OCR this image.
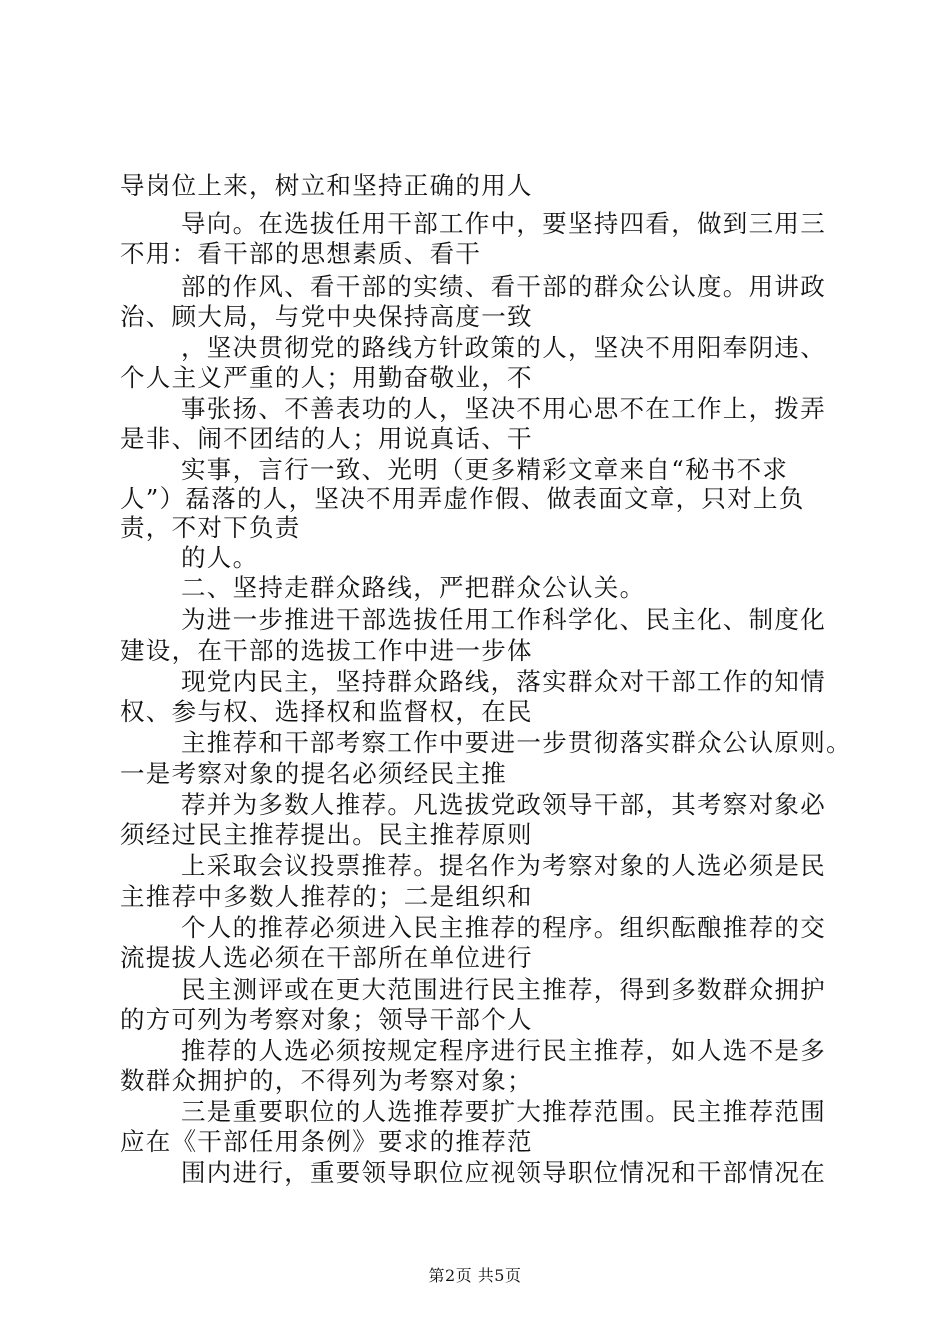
导岗位上来，树立和坚持正确的用人
导向。在选拔任用干部工作中，要坚持四看，做到三用三
不用：看干部的思想素质、看干
部的作风、看干部的实绩、看干部的群众公认度。用讲政
治、顾大局，与党中央保持高度一致
，坚决贯彻党的路线方针政策的人，坚决不用阳奉阴违、
个人主义严重的人；用勤奋敬业，不
事张扬、不善表功的人，坚决不用心思不在工作上，拨弄
是非、闹不团结的人；用说真话、干
实事，言行一致、光明（更多精彩文章来自“秘书不求
人”）磊落的人，坚决不用弄虚作假、做表面文章，只对上负
责，不对下负责
的人。
二、坚持走群众路线，严把群众公认关。
为进一步推进干部选拔任用工作科学化、民主化、制度化
建设，在干部的选拔工作中进一步体
现党内民主，坚持群众路线，落实群众对干部工作的知情
权、参与权、选择权和监督权，在民
主推荐和干部考察工作中要进一步贯彻落实群众公认原则。
一是考察对象的提名必须经民主推
荐并为多数人推荐。凡选拔党政领导干部，其考察对象必
须经过民主推荐提出。民主推荐原则
上采取会议投票推荐。提名作为考察对象的人选必须是民
主推荐中多数人推荐的；二是组织和
个人的推荐必须进入民主推荐的程序。组织酝酿推荐的交
流提拔人选必须在干部所在单位进行
民主测评或在更大范围进行民主推荐，得到多数群众拥护
的方可列为考察对象；领导干部个人
推荐的人选必须按规定程序进行民主推荐，如人选不是多
数群众拥护的，不得列为考察对象；
三是重要职位的人选推荐要扩大推荐范围。民主推荐范围
应在《干部任用条例》要求的推荐范
围内进行，重要领导职位应视领导职位情况和干部情况在
第2页 共5页
